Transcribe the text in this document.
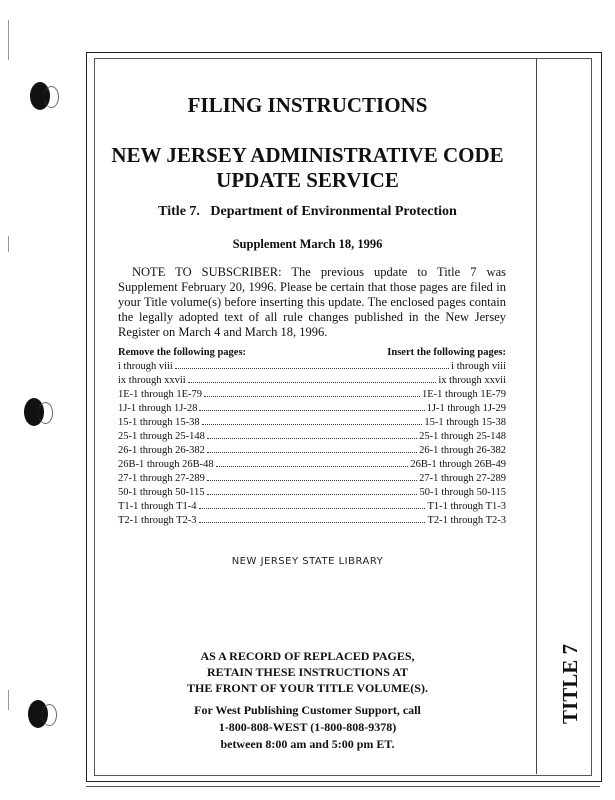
TITLE 7
FILING INSTRUCTIONS
NEW JERSEY ADMINISTRATIVE CODE
UPDATE SERVICE
Title 7.   Department of Environmental Protection
Supplement March 18, 1996
NOTE TO SUBSCRIBER: The previous update to Title 7 was Supplement February 20, 1996. Please be certain that those pages are filed in your Title volume(s) before inserting this update. The enclosed pages contain the legally adopted text of all rule changes published in the New Jersey Register on March 4 and March 18, 1996.
Remove the following pages:	Insert the following pages:
i through viii	i through viii
ix through xxvii	ix through xxvii
1E-1 through 1E-79	1E-1 through 1E-79
1J-1 through 1J-28	1J-1 through 1J-29
15-1 through 15-38	15-1 through 15-38
25-1 through 25-148	25-1 through 25-148
26-1 through 26-382	26-1 through 26-382
26B-1 through 26B-48	26B-1 through 26B-49
27-1 through 27-289	27-1 through 27-289
50-1 through 50-115	50-1 through 50-115
T1-1 through T1-4	T1-1 through T1-3
T2-1 through T2-3	T2-1 through T2-3
NEW JERSEY STATE LIBRARY
AS A RECORD OF REPLACED PAGES,
RETAIN THESE INSTRUCTIONS AT
THE FRONT OF YOUR TITLE VOLUME(S).
For West Publishing Customer Support, call
1-800-808-WEST (1-800-808-9378)
between 8:00 am and 5:00 pm ET.
